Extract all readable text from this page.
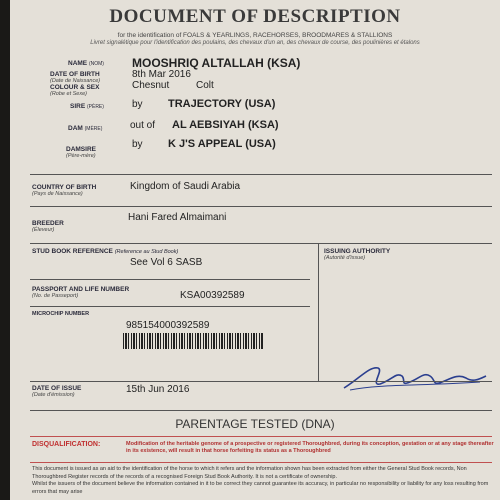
DOCUMENT OF DESCRIPTION
for the identification of FOALS & YEARLINGS, RACEHORSES, BROODMARES & STALLIONS
Livret signalétique pour l'identification des poulains, des chevaux d'un an, des chevaux de course, des poulinières et étalons
NAME (NOM) MOOSHRIQ ALTALLAH (KSA)
DATE OF BIRTH
(Date de Naissance)
8th Mar 2016
COLOUR & SEX
(Robe et Sexe)
Chesnut	Colt
SIRE (PÈRE)	by TRAJECTORY (USA)
DAM (MÈRE)	out of AL AEBSIYAH (KSA)
DAMSIRE
(Père-mère)
by K J'S APPEAL (USA)
COUNTRY OF BIRTH
(Pays de Naissance)
Kingdom of Saudi Arabia
BREEDER
(Éleveur)
Hani Fared Almaimani
STUD BOOK REFERENCE (Reference au Stud Book)
See Vol 6 SASB
ISSUING AUTHORITY
(Autorité d'issue)
PASSPORT AND LIFE NUMBER
(No. de Passeport)	KSA00392589
MICROCHIP NUMBER
985154000392589
DATE OF ISSUE
(Date d'émission)	15th Jun 2016
PARENTAGE TESTED (DNA)
DISQUALIFICATION:	Modification of the heritable genome of a prospective or registered Thoroughbred, during its conception, gestation or at any stage thereafter in its existence, will result in that horse forfeiting its status as a Thoroughbred
This document is issued as an aid to the identification of the horse to which it refers and the information shown has been extracted from either the General Stud Book records, Non Thoroughbred Register records of the records of a recognised Foreign Stud Book Authority. It is not a certificate of ownership.
Whilst the issuers of the document believe the information contained in it to be correct they cannot guarantee its accuracy, in particular no responsibility or liability for any loss resulting from errors that may arise
